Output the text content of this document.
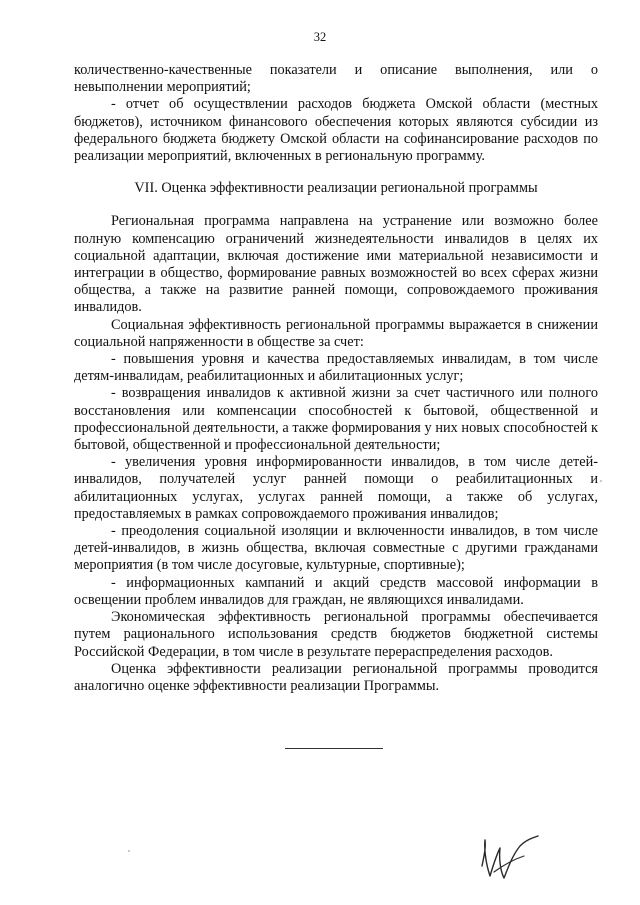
32

количественно-качественные показатели и описание выполнения, или о невыполнении мероприятий;

- отчет об осуществлении расходов бюджета Омской области (местных бюджетов), источником финансового обеспечения которых являются субсидии из федерального бюджета бюджету Омской области на софинансирование расходов по реализации мероприятий, включенных в региональную программу.

VII. Оценка эффективности реализации региональной программы

Региональная программа направлена на устранение или возможно более полную компенсацию ограничений жизнедеятельности инвалидов в целях их социальной адаптации, включая достижение ими материальной независимости и интеграции в общество, формирование равных возможностей во всех сферах жизни общества, а также на развитие ранней помощи, сопровождаемого проживания инвалидов.

Социальная эффективность региональной программы выражается в снижении социальной напряженности в обществе за счет:

- повышения уровня и качества предоставляемых инвалидам, в том числе детям-инвалидам, реабилитационных и абилитационных услуг;

- возвращения инвалидов к активной жизни за счет частичного или полного восстановления или компенсации способностей к бытовой, общественной и профессиональной деятельности, а также формирования у них новых способностей к бытовой, общественной и профессиональной деятельности;

- увеличения уровня информированности инвалидов, в том числе детей-инвалидов, получателей услуг ранней помощи о реабилитационных и абилитационных услугах, услугах ранней помощи, а также об услугах, предоставляемых в рамках сопровождаемого проживания инвалидов;

- преодоления социальной изоляции и включенности инвалидов, в том числе детей-инвалидов, в жизнь общества, включая совместные с другими гражданами мероприятия (в том числе досуговые, культурные, спортивные);

- информационных кампаний и акций средств массовой информации в освещении проблем инвалидов для граждан, не являющихся инвалидами.

Экономическая эффективность региональной программы обеспечивается путем рационального использования средств бюджетов бюджетной системы Российской Федерации, в том числе в результате перераспределения расходов.

Оценка эффективности реализации региональной программы проводится аналогично оценке эффективности реализации Программы.
